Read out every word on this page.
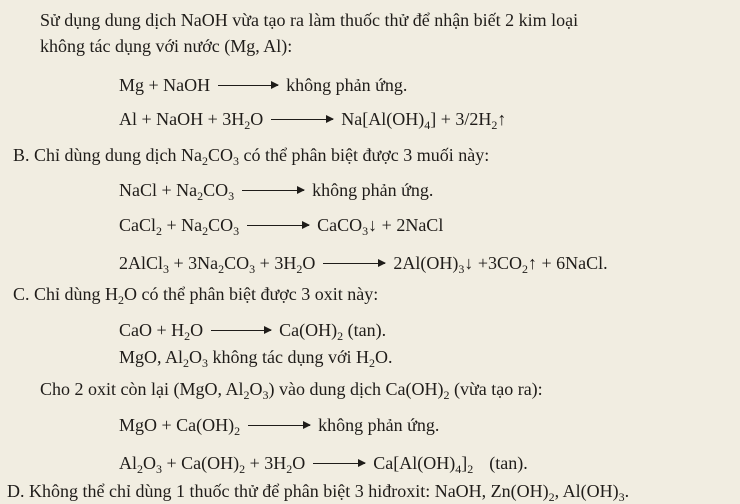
Sử dụng dung dịch NaOH vừa tạo ra làm thuốc thử để nhận biết 2 kim loại
không tác dụng với nước (Mg, Al):
Mg + NaOH → không phản ứng.
Al + NaOH + $3H_2O \to Na[Al(OH)_4]$ + $3/2H_2↑$
B. Chỉ dùng dung dịch $Na_2CO_3$ có thể phân biệt được 3 muối này:
NaCl + $Na_2CO_3$ → không phản ứng.
CaCl$_2$ + $Na_2CO_3$ → CaCO$_3$↓ + 2NaCl
2AlCl$_3$ + $3Na_2CO_3 + 3H_2O$ → $2Al(OH)_3↓$ $+3CO_2↑$ + 6NaCl.
C. Chỉ dùng $H_2O$ có thể phân biệt được 3 oxit này:
CaO + $H_2O \to Ca(OH)_2$ (tan).
MgO, $Al_2O_3$ không tác dụng với $H_2O$.
Cho 2 oxit còn lại (MgO, $Al_2O_3$) vào dung dịch $Ca(OH)_2$ (vừa tạo ra):
MgO + $Ca(OH)_2$ → không phản ứng.
$Al_2O_3 + Ca(OH)_2 + 3H_2O \to Ca[Al(OH)_4]_2$ (tan).
D. Không thể chỉ dùng 1 thuốc thử để phân biệt 3 hiđroxit: NaOH, $Zn(OH)_2$, $Al(OH)_3$.
